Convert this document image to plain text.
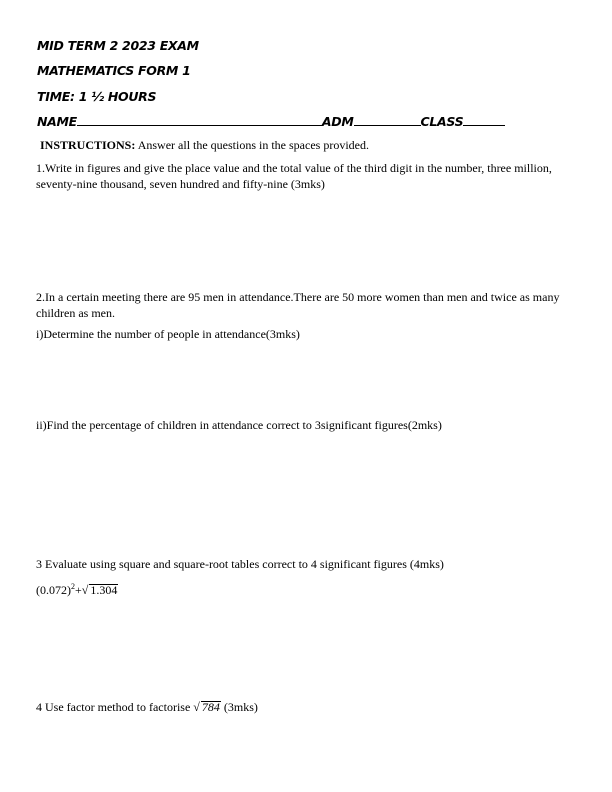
MID TERM 2 2023 EXAM
MATHEMATICS FORM 1
TIME: 1 ½ HOURS
NAME	ADM	CLASS
INSTRUCTIONS: Answer all the questions in the spaces provided.
1.Write in figures and give the place value and the total value of the third digit in the number, three million, seventy-nine thousand, seven hundred and fifty-nine (3mks)
2.In a certain meeting there are 95 men in attendance.There are 50 more women than men and twice as many children as men.
i)Determine the number of people in attendance(3mks)
ii)Find the percentage of children in attendance correct to 3significant figures(2mks)
3 Evaluate using square and square-root tables correct to 4 significant figures (4mks)
$(0.072)^2+√$ 1.304
4 Use factor method to factorise √ 784 (3mks)
